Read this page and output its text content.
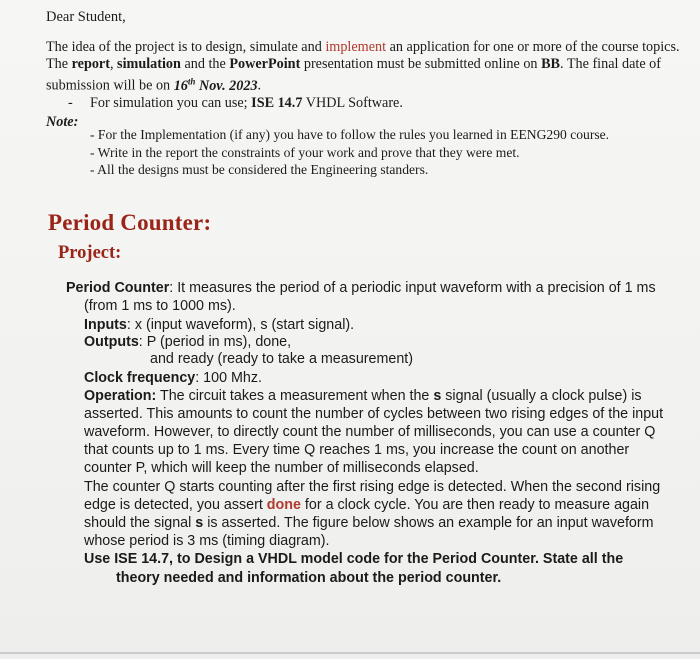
Dear Student,
The idea of the project is to design, simulate and implement an application for one or more of the course topics. The report, simulation and the PowerPoint presentation must be submitted online on BB. The final date of submission will be on 16th Nov. 2023.
- For simulation you can use; ISE 14.7 VHDL Software.
Note:
- For the Implementation (if any) you have to follow the rules you learned in EENG290 course.
- Write in the report the constraints of your work and prove that they were met.
- All the designs must be considered the Engineering standers.
Period Counter:
Project:
Period Counter: It measures the period of a periodic input waveform with a precision of 1 ms
(from 1 ms to 1000 ms).
Inputs: x (input waveform), s (start signal).
Outputs: P (period in ms), done,
and ready (ready to take a measurement)
Clock frequency: 100 Mhz.
Operation: The circuit takes a measurement when the s signal (usually a clock pulse) is
asserted. This amounts to count the number of cycles between two rising edges of the input
waveform. However, to directly count the number of milliseconds, you can use a counter Q
that counts up to 1 ms. Every time Q reaches 1 ms, you increase the count on another
counter P, which will keep the number of milliseconds elapsed.
The counter Q starts counting after the first rising edge is detected. When the second rising
edge is detected, you assert done for a clock cycle. You are then ready to measure again
should the signal s is asserted. The figure below shows an example for an input waveform
whose period is 3 ms (timing diagram).
Use ISE 14.7, to Design a VHDL model code for the Period Counter. State all the
theory needed and information about the period counter.
